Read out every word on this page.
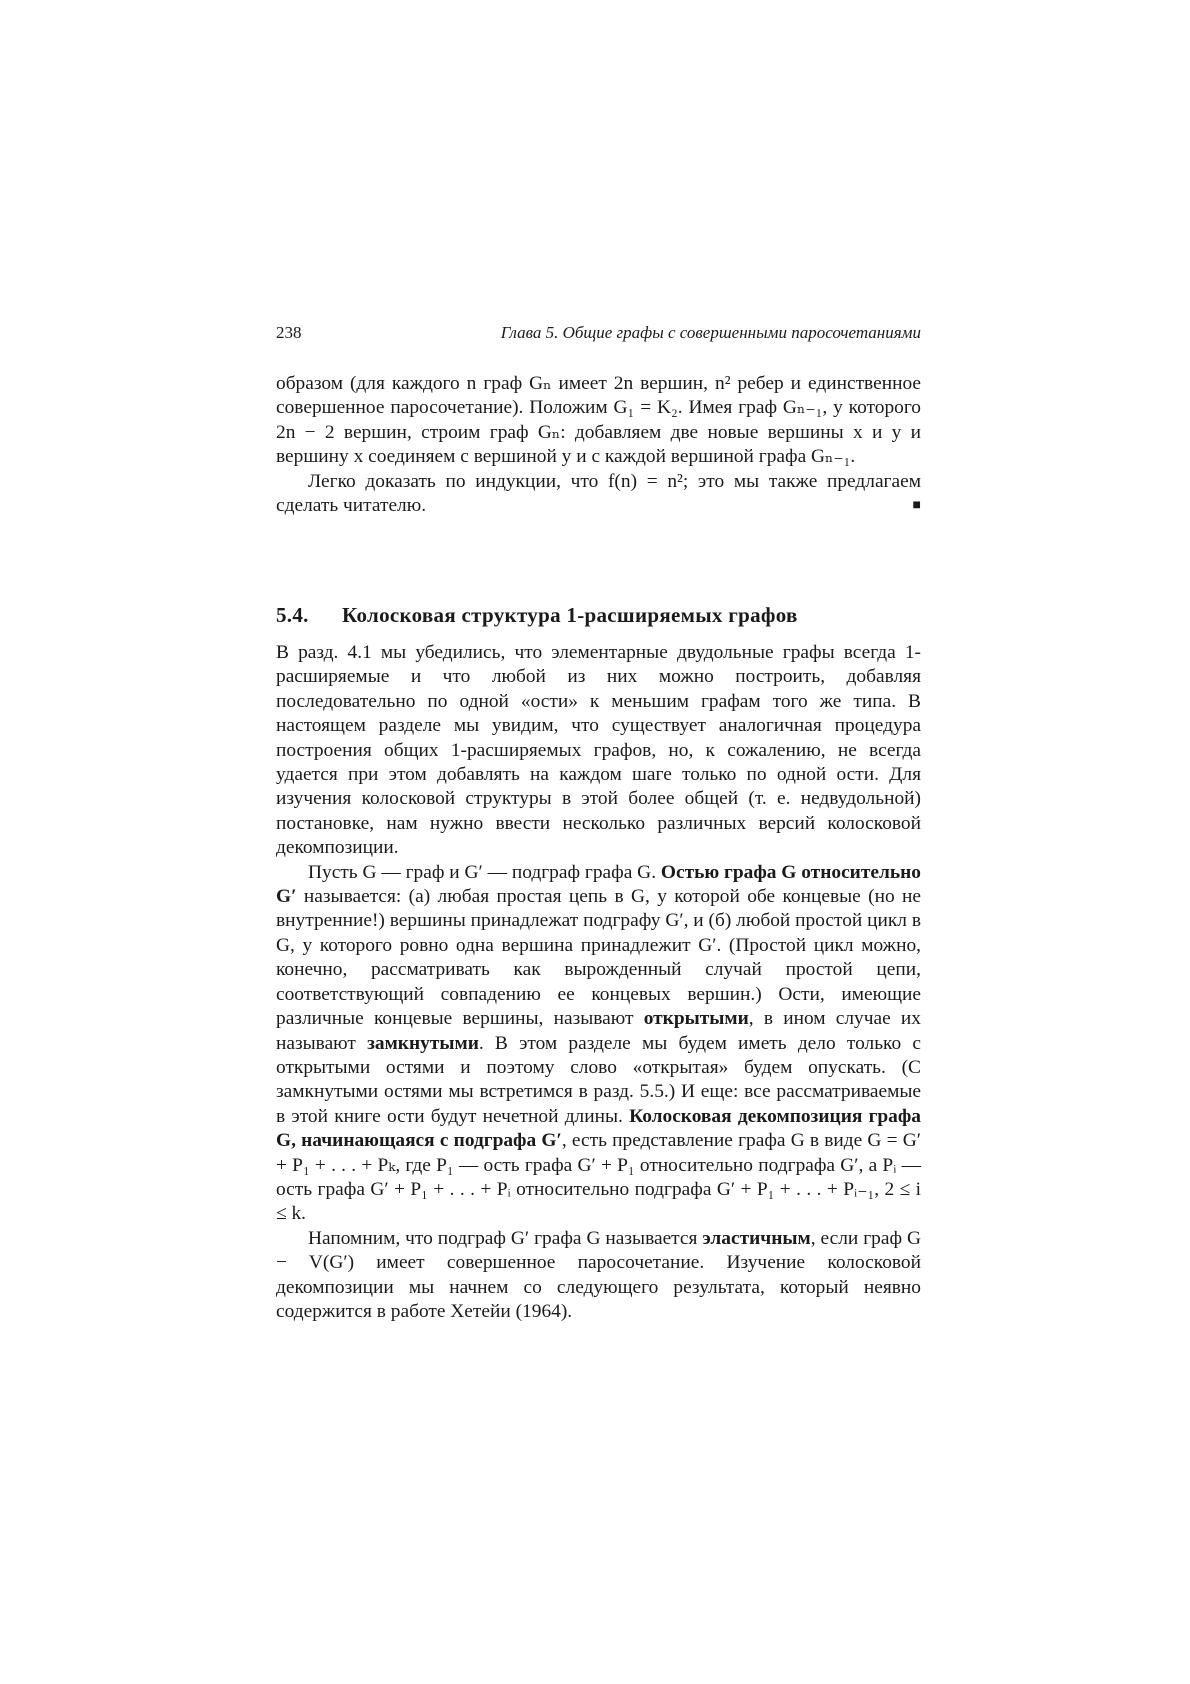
238	Глава 5. Общие графы с совершенными паросочетаниями

образом (для каждого n граф Gₙ имеет 2n вершин, n² ребер и единственное совершенное паросочетание). Положим G₁ = K₂. Имея граф Gₙ₋₁, у которого 2n − 2 вершин, строим граф Gₙ: добавляем две новые вершины x и y и вершину x соединяем с вершиной y и с каждой вершиной графа Gₙ₋₁.

Легко доказать по индукции, что f(n) = n²; это мы также предлагаем сделать читателю.	■

5.4. Колосковая структура 1-расширяемых графов

В разд. 4.1 мы убедились, что элементарные двудольные графы всегда 1-расширяемые и что любой из них можно построить, добавляя последовательно по одной «ости» к меньшим графам того же типа. В настоящем разделе мы увидим, что существует аналогичная процедура построения общих 1-расширяемых графов, но, к сожалению, не всегда удается при этом добавлять на каждом шаге только по одной ости. Для изучения колосковой структуры в этой более общей (т. е. недвудольной) постановке, нам нужно ввести несколько различных версий колосковой декомпозиции.

Пусть G — граф и G′ — подграф графа G. Остью графа G относительно G′ называется: (а) любая простая цепь в G, у которой обе концевые (но не внутренние!) вершины принадлежат подграфу G′, и (б) любой простой цикл в G, у которого ровно одна вершина принадлежит G′. (Простой цикл можно, конечно, рассматривать как вырожденный случай простой цепи, соответствующий совпадению ее концевых вершин.) Ости, имеющие различные концевые вершины, называют открытыми, в ином случае их называют замкнутыми. В этом разделе мы будем иметь дело только с открытыми остями и поэтому слово «открытая» будем опускать. (С замкнутыми остями мы встретимся в разд. 5.5.) И еще: все рассматриваемые в этой книге ости будут нечетной длины. Колосковая декомпозиция графа G, начинающаяся с подграфа G′, есть представление графа G в виде G = G′ + P₁ + . . . + Pₖ, где P₁ — ость графа G′ + P₁ относительно подграфа G′, а Pᵢ — ость графа G′ + P₁ + . . . + Pᵢ относительно подграфа G′ + P₁ + . . . + Pᵢ₋₁, 2 ≤ i ≤ k.

Напомним, что подграф G′ графа G называется эластичным, если граф G − V(G′) имеет совершенное паросочетание. Изучение колосковой декомпозиции мы начнем со следующего результата, который неявно содержится в работе Хетейи (1964).
